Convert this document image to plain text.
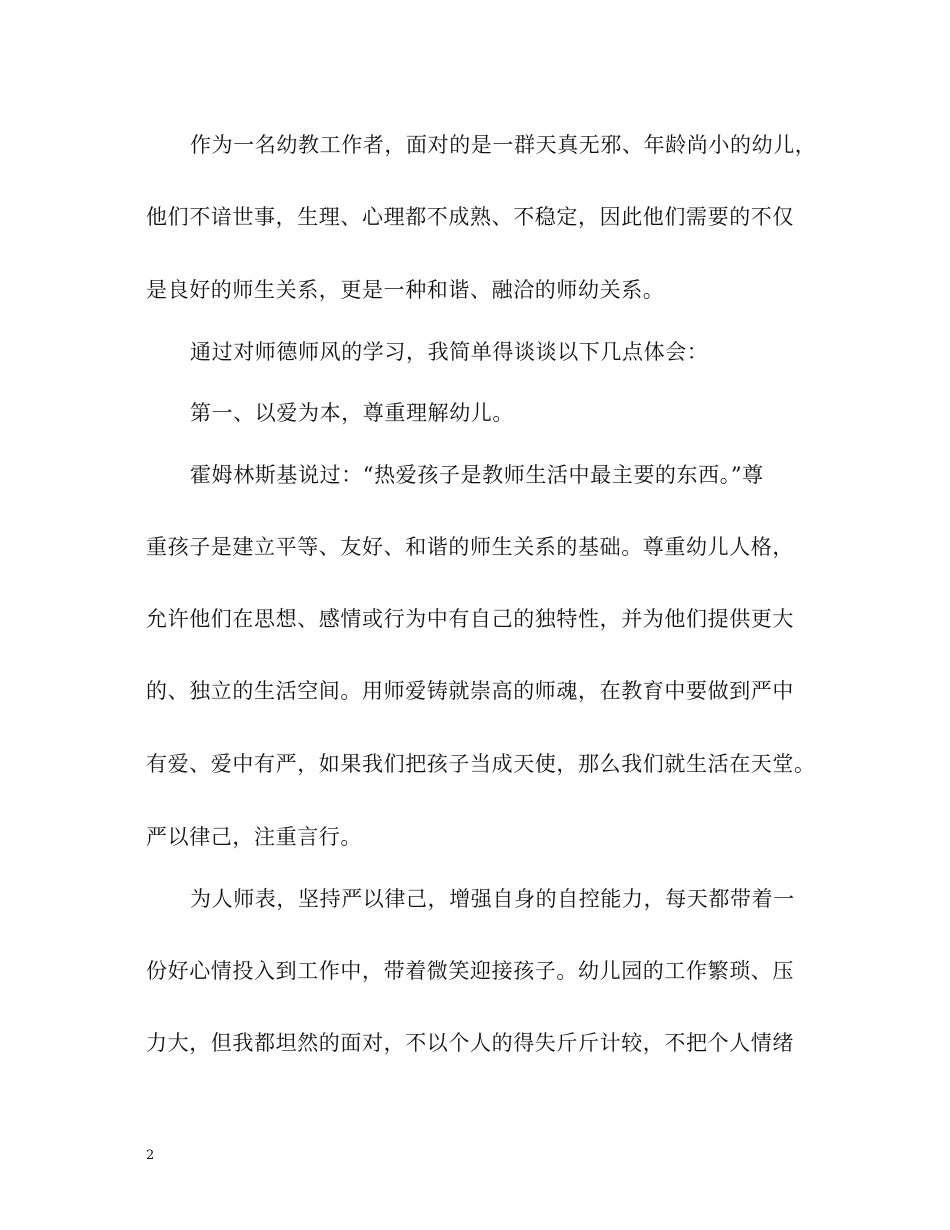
作为一名幼教工作者，面对的是一群天真无邪、年龄尚小的幼儿，
他们不谙世事，生理、心理都不成熟、不稳定，因此他们需要的不仅
是良好的师生关系，更是一种和谐、融洽的师幼关系。
通过对师德师风的学习，我简单得谈谈以下几点体会：
第一、以爱为本，尊重理解幼儿。
霍姆林斯基说过：“热爱孩子是教师生活中最主要的东西。”尊
重孩子是建立平等、友好、和谐的师生关系的基础。尊重幼儿人格，
允许他们在思想、感情或行为中有自己的独特性，并为他们提供更大
的、独立的生活空间。用师爱铸就崇高的师魂，在教育中要做到严中
有爱、爱中有严，如果我们把孩子当成天使，那么我们就生活在天堂。
严以律己，注重言行。
为人师表，坚持严以律己，增强自身的自控能力，每天都带着一
份好心情投入到工作中，带着微笑迎接孩子。幼儿园的工作繁琐、压
力大，但我都坦然的面对，不以个人的得失斤斤计较，不把个人情绪
2
